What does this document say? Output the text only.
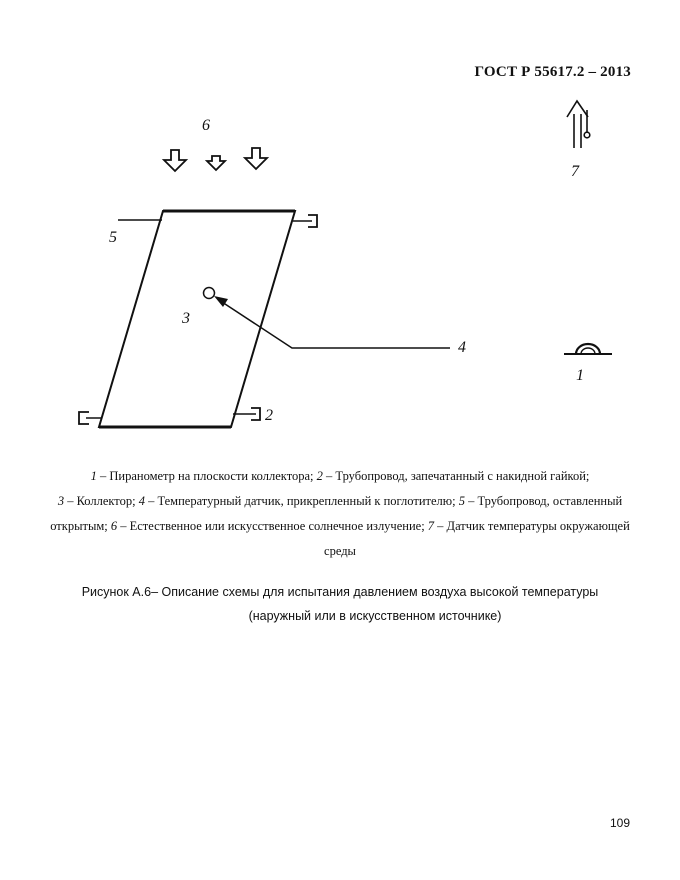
ГОСТ Р 55617.2 – 2013
6
7
5
3
4
1
2
1 – Пиранометр на плоскости коллектора; 2 – Трубопровод, запечатанный с накидной гайкой;
3 – Коллектор; 4 – Температурный датчик, прикрепленный к поглотителю; 5 – Трубопровод, оставленный открытым; 6 – Естественное или искусственное солнечное излучение; 7 – Датчик температуры окружающей среды
Рисунок А.6– Описание схемы для испытания давлением воздуха высокой температуры
(наружный или в искусственном источнике)
109
